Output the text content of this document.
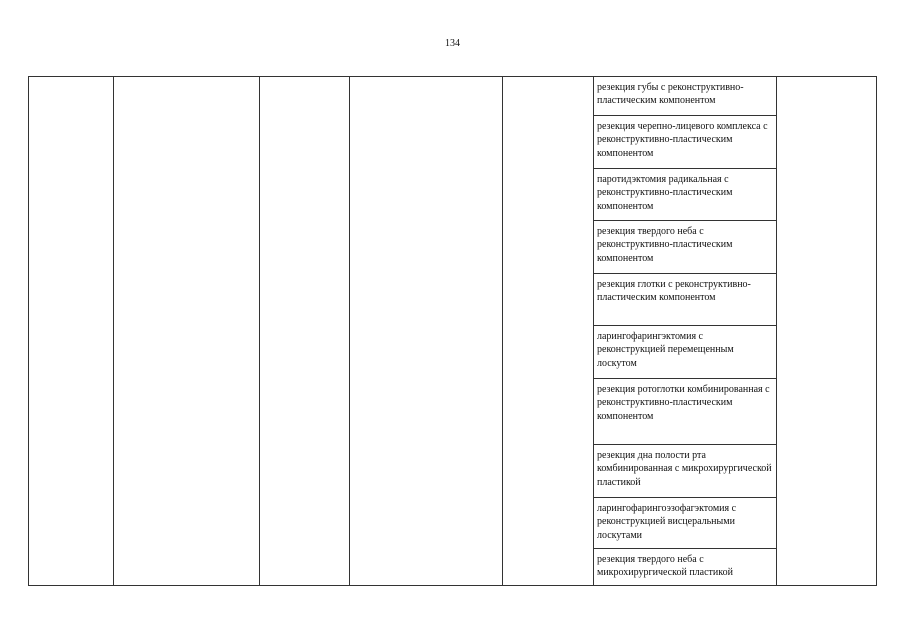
134

резекция губы с реконструктивно-пластическим компонентом
резекция черепно-лицевого комплекса с реконструктивно-пластическим компонентом
паротидэктомия радикальная с реконструктивно-пластическим компонентом
резекция твердого неба с реконструктивно-пластическим компонентом
резекция глотки с реконструктивно-пластическим компонентом
ларингофарингэктомия с реконструкцией перемещенным лоскутом
резекция ротоглотки комбинированная с реконструктивно-пластическим компонентом
резекция дна полости рта комбинированная с микрохирургической пластикой
ларингофарингоэзофагэктомия с реконструкцией висцеральными лоскутами
резекция твердого неба с микрохирургической пластикой
